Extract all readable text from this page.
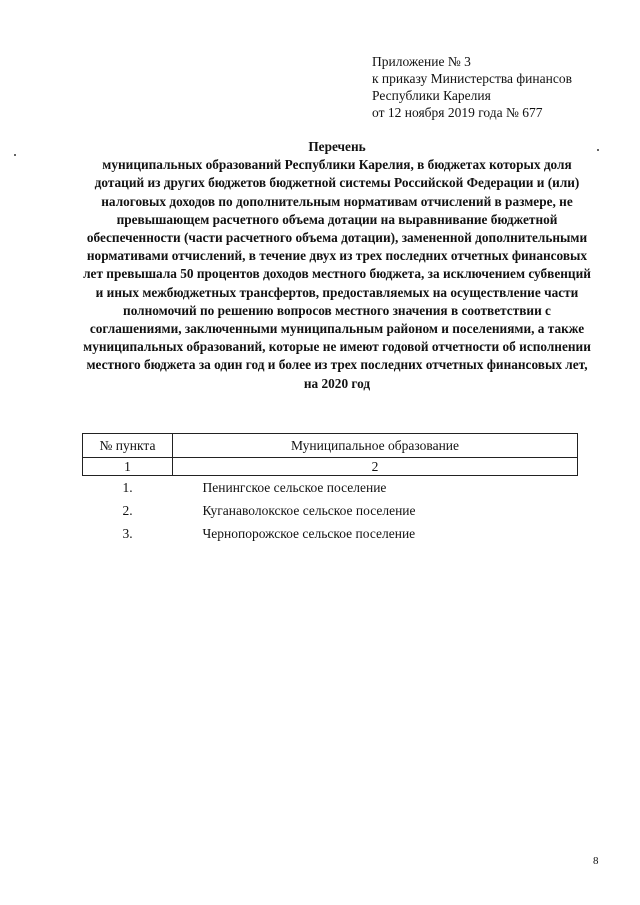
Приложение № 3
к приказу Министерства финансов
Республики Карелия
от 12 ноября 2019 года № 677
Перечень
муниципальных образований Республики Карелия, в бюджетах которых доля дотаций из других бюджетов бюджетной системы Российской Федерации и (или) налоговых доходов по дополнительным нормативам отчислений в размере, не превышающем расчетного объема дотации на выравнивание бюджетной обеспеченности (части расчетного объема дотации), замененной дополнительными нормативами отчислений, в течение двух из трех последних отчетных финансовых лет превышала 50 процентов доходов местного бюджета, за исключением субвенций и иных межбюджетных трансфертов, предоставляемых на осуществление части полномочий по решению вопросов местного значения в соответствии с соглашениями, заключенными муниципальным районом и поселениями, а также муниципальных образований, которые не имеют годовой отчетности об исполнении местного бюджета за один год и более из трех последних отчетных финансовых лет, на 2020 год
№ пункта	Муниципальное образование
1	2
1.	Пенингское сельское поселение
2.	Куганаволокское сельское поселение
3.	Чернопорожское сельское поселение
8
